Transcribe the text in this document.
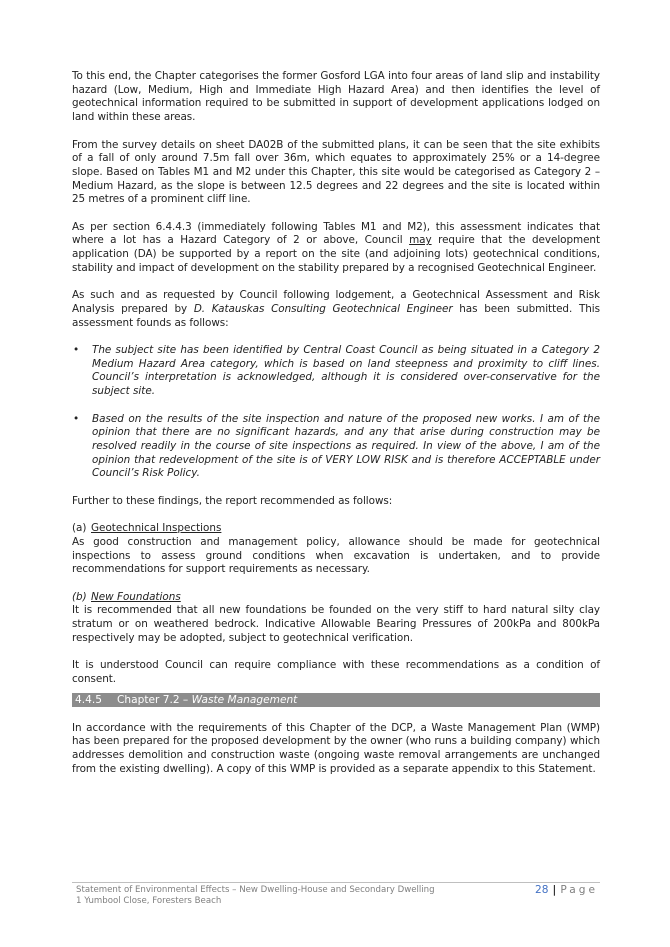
To this end, the Chapter categorises the former Gosford LGA into four areas of land slip and instability hazard (Low, Medium, High and Immediate High Hazard Area) and then identifies the level of geotechnical information required to be submitted in support of development applications lodged on land within these areas.

From the survey details on sheet DA02B of the submitted plans, it can be seen that the site exhibits of a fall of only around 7.5m fall over 36m, which equates to approximately 25% or a 14-degree slope. Based on Tables M1 and M2 under this Chapter, this site would be categorised as Category 2 – Medium Hazard, as the slope is between 12.5 degrees and 22 degrees and the site is located within 25 metres of a prominent cliff line.

As per section 6.4.4.3 (immediately following Tables M1 and M2), this assessment indicates that where a lot has a Hazard Category of 2 or above, Council may require that the development application (DA) be supported by a report on the site (and adjoining lots) geotechnical conditions, stability and impact of development on the stability prepared by a recognised Geotechnical Engineer.

As such and as requested by Council following lodgement, a Geotechnical Assessment and Risk Analysis prepared by D. Katauskas Consulting Geotechnical Engineer has been submitted. This assessment founds as follows:

• The subject site has been identified by Central Coast Council as being situated in a Category 2 Medium Hazard Area category, which is based on land steepness and proximity to cliff lines. Council’s interpretation is acknowledged, although it is considered over-conservative for the subject site.
• Based on the results of the site inspection and nature of the proposed new works. I am of the opinion that there are no significant hazards, and any that arise during construction may be resolved readily in the course of site inspections as required. In view of the above, I am of the opinion that redevelopment of the site is of VERY LOW RISK and is therefore ACCEPTABLE under Council’s Risk Policy.

Further to these findings, the report recommended as follows:

(a) Geotechnical Inspections

As good construction and management policy, allowance should be made for geotechnical inspections to assess ground conditions when excavation is undertaken, and to provide recommendations for support requirements as necessary.

(b) New Foundations

It is recommended that all new foundations be founded on the very stiff to hard natural silty clay stratum or on weathered bedrock. Indicative Allowable Bearing Pressures of 200kPa and 800kPa respectively may be adopted, subject to geotechnical verification.

It is understood Council can require compliance with these recommendations as a condition of consent.

4.4.5 Chapter 7.2 – Waste Management

In accordance with the requirements of this Chapter of the DCP, a Waste Management Plan (WMP) has been prepared for the proposed development by the owner (who runs a building company) which addresses demolition and construction waste (ongoing waste removal arrangements are unchanged from the existing dwelling). A copy of this WMP is provided as a separate appendix to this Statement.

Statement of Environmental Effects – New Dwelling-House and Secondary Dwelling
1 Yumbool Close, Foresters Beach
28 | Page
